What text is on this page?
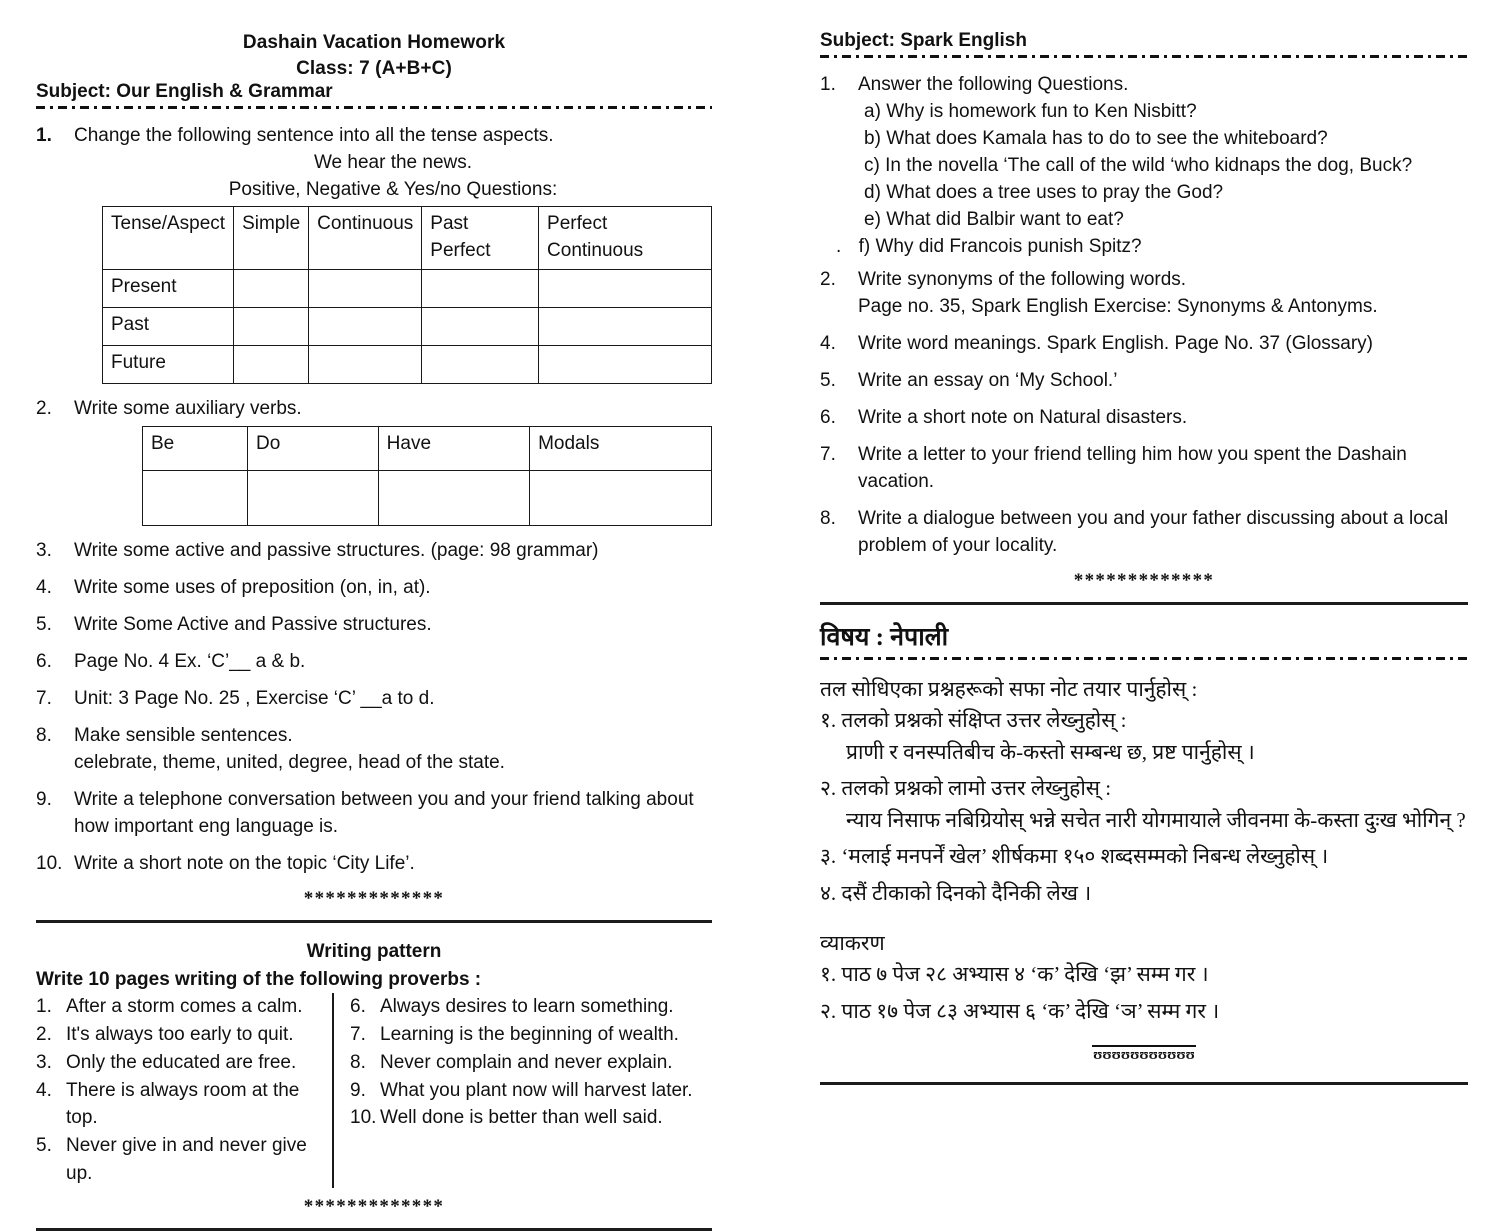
Dashain Vacation Homework
Class: 7 (A+B+C)
Subject: Our English & Grammar
1.	Change the following sentence into all the tense aspects.
We hear the news.
Positive, Negative & Yes/no Questions:
Tense/Aspect	Simple	Continuous	Past Perfect	Perfect Continuous
Present				
Past				
Future				
2.	Write some auxiliary verbs.
Be	Do	Have	Modals

3.	Write some active and passive structures. (page: 98 grammar)
4.	Write some uses of preposition (on, in, at).
5.	Write Some Active and Passive structures.
6.	Page No. 4 Ex. ‘C’__ a & b.
7.	Unit: 3 Page No. 25 , Exercise ‘C’ __a to d.
8.	Make sensible sentences.
celebrate, theme, united, degree, head of the state.
9.	Write a telephone conversation between you and your friend talking about how important eng language is.
10. Write a short note on the topic ‘City Life’.
*************
Writing pattern
Write 10 pages writing of the following proverbs :
1. After a storm comes a calm.
2. It's always too early to quit.
3. Only the educated are free.
4. There is always room at the top.
5. Never give in and never give up.
6. Always desires to learn something.
7. Learning is the beginning of wealth.
8. Never complain and never explain.
9. What you plant now will harvest later.
10. Well done is better than well said.
*************
Subject: Spark English
1.	Answer the following Questions.
a) Why is homework fun to Ken Nisbitt?
b) What does Kamala has to do to see the whiteboard?
c) In the novella ‘The call of the wild ‘who kidnaps the dog, Buck?
d) What does a tree uses to pray the God?
e) What did Balbir want to eat?
. f) Why did Francois punish Spitz?
2.	Write synonyms of the following words.
Page no. 35, Spark English Exercise: Synonyms & Antonyms.
4.	Write word meanings. Spark English. Page No. 37 (Glossary)
5.	Write an essay on ‘My School.’
6.	Write a short note on Natural disasters.
7.	Write a letter to your friend telling him how you spent the Dashain vacation.
8.	Write a dialogue between you and your father discussing about a local problem of your locality.
*************
विषय : नेपाली
तल सोधिएका प्रश्नहरूको सफा नोट तयार पार्नुहोस् :
१. तलको प्रश्नको संक्षिप्त उत्तर लेख्नुहोस् :
प्राणी र वनस्पतिबीच के-कस्तो सम्बन्ध छ, प्रष्ट पार्नुहोस् ।
२. तलको प्रश्नको लामो उत्तर लेख्नुहोस् :
न्याय निसाफ नबिग्रियोस् भन्ने सचेत नारी योगमायाले जीवनमा के-कस्ता दुःख भोगिन् ?
३. ‘मलाई मनपर्नें खेल’ शीर्षकमा १५० शब्दसम्मको निबन्ध लेख्नुहोस् ।
४. दसैं टीकाको दिनको दैनिकी लेख ।
व्याकरण
१. पाठ ७ पेज २८ अभ्यास ४ ‘क’ देखि ‘झ’ सम्म गर ।
२. पाठ १७ पेज ८३ अभ्यास ६ ‘क’ देखि ‘ञ’ सम्म गर ।
ʊʊʊʊʊʊʊʊʊʊʊ
